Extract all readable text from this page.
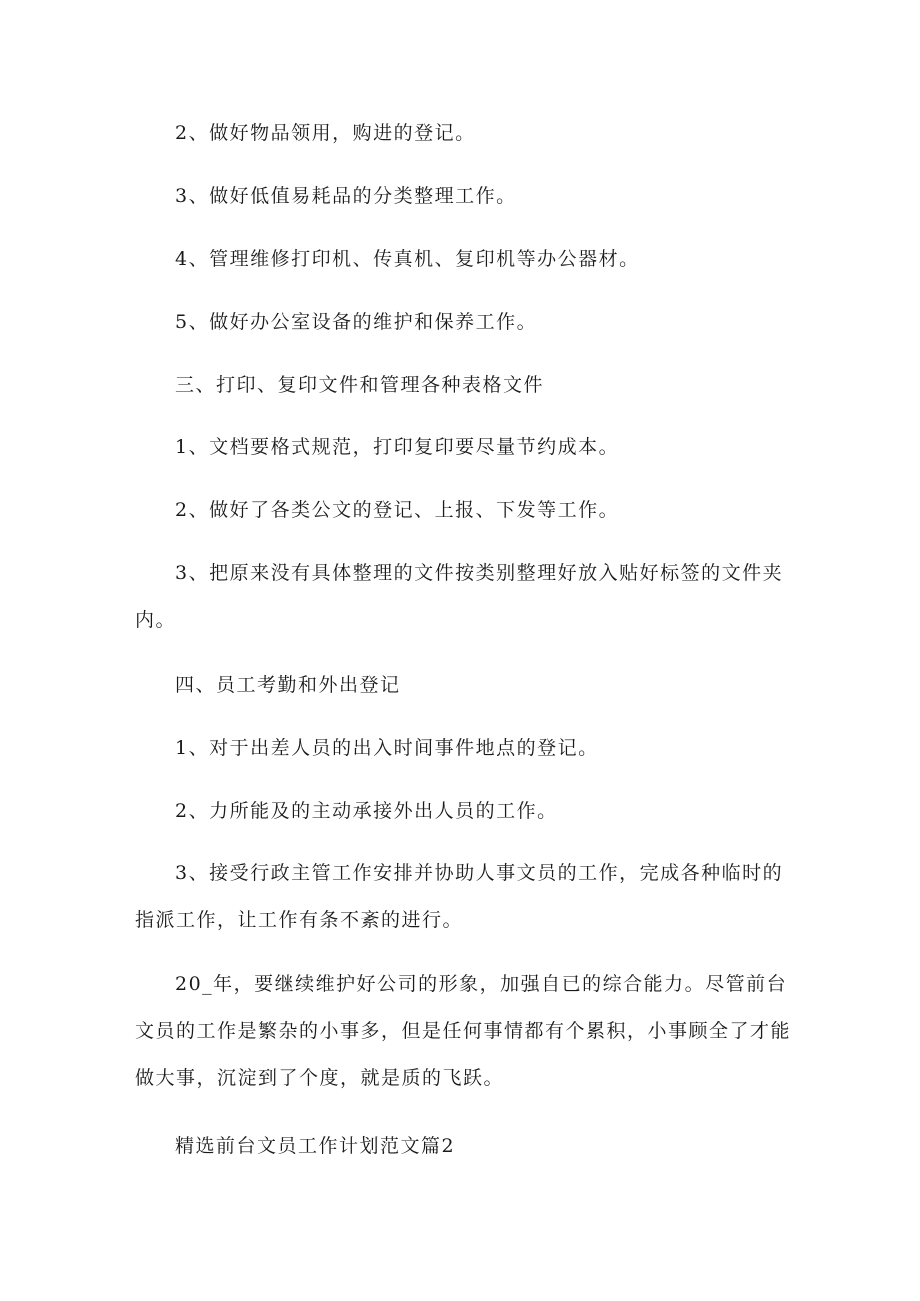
2、做好物品领用，购进的登记。
3、做好低值易耗品的分类整理工作。
4、管理维修打印机、传真机、复印机等办公器材。
5、做好办公室设备的维护和保养工作。
三、打印、复印文件和管理各种表格文件
1、文档要格式规范，打印复印要尽量节约成本。
2、做好了各类公文的登记、上报、下发等工作。
3、把原来没有具体整理的文件按类别整理好放入贴好标签的文件夹
内。
四、员工考勤和外出登记
1、对于出差人员的出入时间事件地点的登记。
2、力所能及的主动承接外出人员的工作。
3、接受行政主管工作安排并协助人事文员的工作，完成各种临时的
指派工作，让工作有条不紊的进行。
20_年，要继续维护好公司的形象，加强自已的综合能力。尽管前台
文员的工作是繁杂的小事多，但是任何事情都有个累积，小事顾全了才能
做大事，沉淀到了个度，就是质的飞跃。
精选前台文员工作计划范文篇2
